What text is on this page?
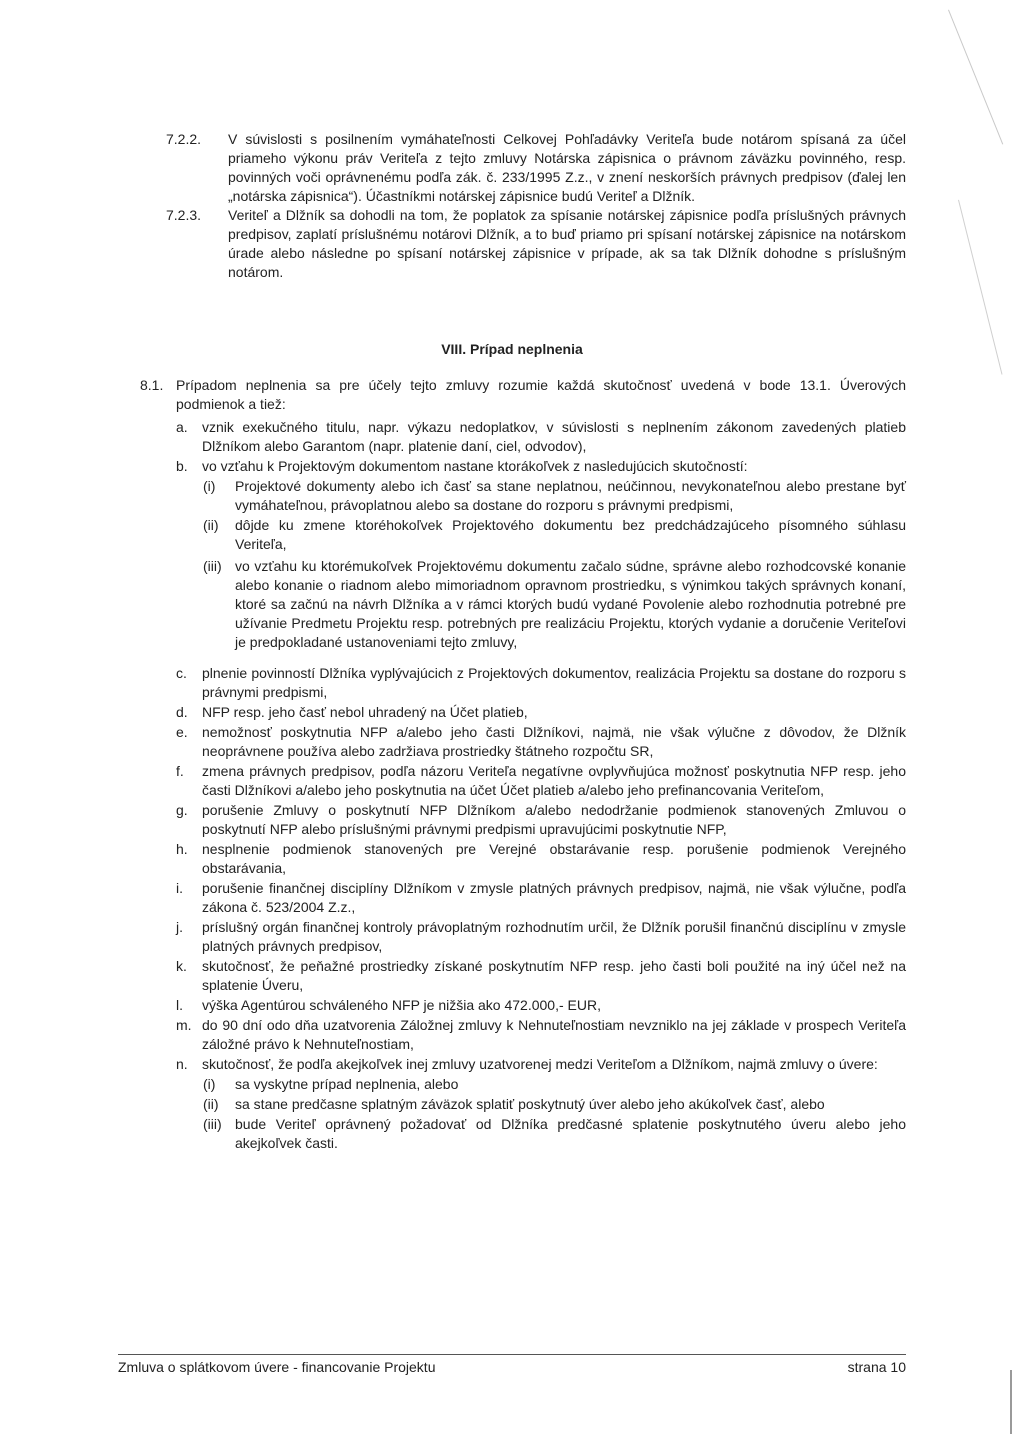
7.2.2. V súvislosti s posilnením vymáhateľnosti Celkovej Pohľadávky Veriteľa bude notárom spísaná za účel priameho výkonu práv Veriteľa z tejto zmluvy Notárska zápisnica o právnom záväzku povinného, resp. povinných voči oprávnenému podľa zák. č. 233/1995 Z.z., v znení neskorších právnych predpisov (ďalej len „notárska zápisnica“). Účastníkmi notárskej zápisnice budú Veriteľ a Dlžník.
7.2.3. Veriteľ a Dlžník sa dohodli na tom, že poplatok za spísanie notárskej zápisnice podľa príslušných právnych predpisov, zaplatí príslušnému notárovi Dlžník, a to buď priamo pri spísaní notárskej zápisnice na notárskom úrade alebo následne po spísaní notárskej zápisnice v prípade, ak sa tak Dlžník dohodne s príslušným notárom.
VIII. Prípad neplnenia
8.1. Prípadom neplnenia sa pre účely tejto zmluvy rozumie každá skutočnosť uvedená v bode 13.1. Úverových podmienok a tiež:
a. vznik exekučného titulu, napr. výkazu nedoplatkov, v súvislosti s neplnením zákonom zavedených platieb Dlžníkom alebo Garantom (napr. platenie daní, ciel, odvodov),
b. vo vzťahu k Projektovým dokumentom nastane ktorákoľvek z nasledujúcich skutočností:
(i) Projektové dokumenty alebo ich časť sa stane neplatnou, neúčinnou, nevykonateľnou alebo prestane byť vymáhateľnou, právoplatnou alebo sa dostane do rozporu s právnymi predpismi,
(ii) dôjde ku zmene ktoréhokoľvek Projektového dokumentu bez predchádzajúceho písomného súhlasu Veriteľa,
(iii) vo vzťahu ku ktorémukoľvek Projektovému dokumentu začalo súdne, správne alebo rozhodcovské konanie alebo konanie o riadnom alebo mimoriadnom opravnom prostriedku, s výnimkou takých správnych konaní, ktoré sa začnú na návrh Dlžníka a v rámci ktorých budú vydané Povolenie alebo rozhodnutia potrebné pre užívanie Predmetu Projektu resp. potrebných pre realizáciu Projektu, ktorých vydanie a doručenie Veriteľovi je predpokladané ustanoveniami tejto zmluvy,
c. plnenie povinností Dlžníka vyplývajúcich z Projektových dokumentov, realizácia Projektu sa dostane do rozporu s právnymi predpismi,
d. NFP resp. jeho časť nebol uhradený na Účet platieb,
e. nemožnosť poskytnutia NFP a/alebo jeho časti Dlžníkovi, najmä, nie však výlučne z dôvodov, že Dlžník neoprávnene používa alebo zadržiava prostriedky štátneho rozpočtu SR,
f. zmena právnych predpisov, podľa názoru Veriteľa negatívne ovplyvňujúca možnosť poskytnutia NFP resp. jeho časti Dlžníkovi a/alebo jeho poskytnutia na účet Účet platieb a/alebo jeho prefinancovania Veriteľom,
g. porušenie Zmluvy o poskytnutí NFP Dlžníkom a/alebo nedodržanie podmienok stanovených Zmluvou o poskytnutí NFP alebo príslušnými právnymi predpismi upravujúcimi poskytnutie NFP,
h. nesplnenie podmienok stanovených pre Verejné obstarávanie resp. porušenie podmienok Verejného obstarávania,
i. porušenie finančnej disciplíny Dlžníkom v zmysle platných právnych predpisov, najmä, nie však výlučne, podľa zákona č. 523/2004 Z.z.,
j. príslušný orgán finančnej kontroly právoplatným rozhodnutím určil, že Dlžník porušil finančnú disciplínu v zmysle platných právnych predpisov,
k. skutočnosť, že peňažné prostriedky získané poskytnutím NFP resp. jeho časti boli použité na iný účel než na splatenie Úveru,
l. výška Agentúrou schváleného NFP je nižšia ako 472.000,- EUR,
m. do 90 dní odo dňa uzatvorenia Záložnej zmluvy k Nehnuteľnostiam nevzniklo na jej základe v prospech Veriteľa záložné právo k Nehnuteľnostiam,
n. skutočnosť, že podľa akejkoľvek inej zmluvy uzatvorenej medzi Veriteľom a Dlžníkom, najmä zmluvy o úvere:
(i) sa vyskytne prípad neplnenia, alebo
(ii) sa stane predčasne splatným záväzok splatiť poskytnutý úver alebo jeho akúkoľvek časť, alebo
(iii) bude Veriteľ oprávnený požadovať od Dlžníka predčasné splatenie poskytnutého úveru alebo jeho akejkoľvek časti.
Zmluva o splátkovom úvere - financovanie Projektu	strana 10
